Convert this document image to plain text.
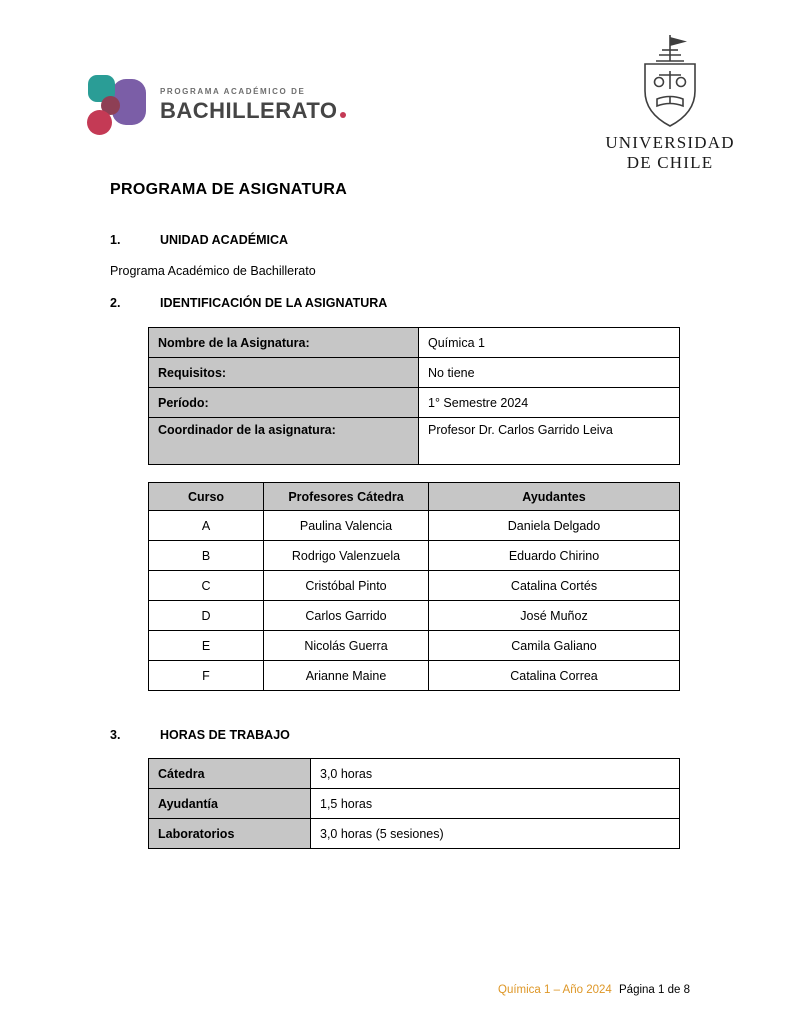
PROGRAMA ACADÉMICO DE
BACHILLERATO
UNIVERSIDAD
DE CHILE
PROGRAMA DE ASIGNATURA
1.	UNIDAD ACADÉMICA
Programa Académico de Bachillerato
2.	IDENTIFICACIÓN DE LA ASIGNATURA
Nombre de la Asignatura:	Química 1
Requisitos:	No tiene
Período:	1° Semestre 2024
Coordinador de la asignatura:	Profesor Dr. Carlos Garrido Leiva
Curso	Profesores Cátedra	Ayudantes
A	Paulina Valencia	Daniela Delgado
B	Rodrigo Valenzuela	Eduardo Chirino
C	Cristóbal Pinto	Catalina Cortés
D	Carlos Garrido	José Muñoz
E	Nicolás Guerra	Camila Galiano
F	Arianne Maine	Catalina Correa
3.	HORAS DE TRABAJO
Cátedra	3,0 horas
Ayudantía	1,5 horas
Laboratorios	3,0 horas (5 sesiones)
Química 1 – Año 2024 Página 1 de 8
